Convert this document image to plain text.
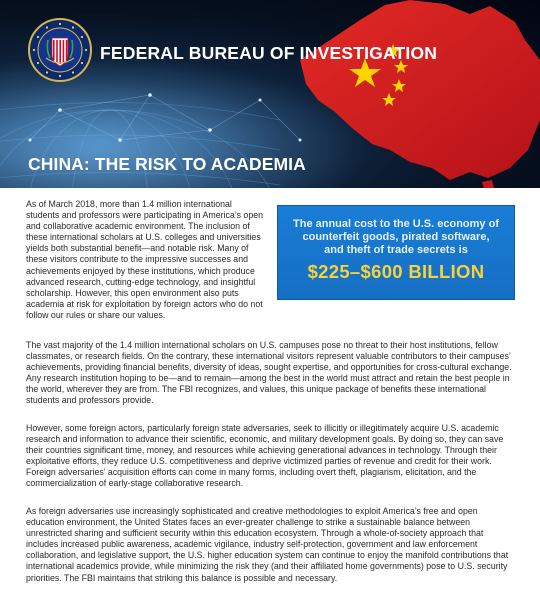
FEDERAL BUREAU OF INVESTIGATION
CHINA: THE RISK TO ACADEMIA

As of March 2018, more than 1.4 million international students and professors were participating in America’s open and collaborative academic environment. The inclusion of these international scholars at U.S. colleges and universities yields both substantial benefit—and notable risk. Many of these visitors contribute to the impressive successes and achievements enjoyed by these institutions, which produce advanced research, cutting-edge technology, and insightful scholarship. However, this open environment also puts academia at risk for exploitation by foreign actors who do not follow our rules or share our values.

The annual cost to the U.S. economy of counterfeit goods, pirated software, and theft of trade secrets is
$225–$600 BILLION

The vast majority of the 1.4 million international scholars on U.S. campuses pose no threat to their host institutions, fellow classmates, or research fields. On the contrary, these international visitors represent valuable contributors to their campuses’ achievements, providing financial benefits, diversity of ideas, sought expertise, and opportunities for cross-cultural exchange. Any research institution hoping to be—and to remain—among the best in the world must attract and retain the best people in the world, wherever they are from. The FBI recognizes, and values, this unique package of benefits these international students and professors provide.

However, some foreign actors, particularly foreign state adversaries, seek to illicitly or illegitimately acquire U.S. academic research and information to advance their scientific, economic, and military development goals. By doing so, they can save their countries significant time, money, and resources while achieving generational advances in technology. Through their exploitative efforts, they reduce U.S. competitiveness and deprive victimized parties of revenue and credit for their work. Foreign adversaries’ acquisition efforts can come in many forms, including overt theft, plagiarism, elicitation, and the commercialization of early-stage collaborative research.

As foreign adversaries use increasingly sophisticated and creative methodologies to exploit America’s free and open education environment, the United States faces an ever-greater challenge to strike a sustainable balance between unrestricted sharing and sufficient security within this education ecosystem. Through a whole-of-society approach that includes increased public awareness, academic vigilance, industry self-protection, government and law enforcement collaboration, and legislative support, the U.S. higher education system can continue to enjoy the manifold contributions that international academics provide, while minimizing the risk they (and their affiliated home governments) pose to U.S. security priorities. The FBI maintains that striking this balance is possible and necessary.
